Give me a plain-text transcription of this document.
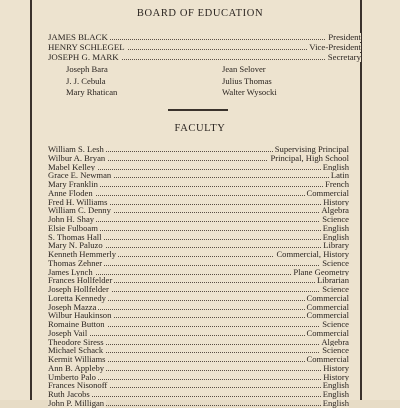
BOARD OF EDUCATION
JAMES BLACK	President
HENRY SCHLEGEL	Vice-President
JOSEPH G. MARK	Secretary
Joseph Bara
J. J. Cebula
Mary Rhatican
Jean Selover
Julius Thomas
Walter Wysocki
FACULTY
William S. Lesh	Supervising Principal
Wilbur A. Bryan	Principal, High School
Mabel Kelley	English
Grace E. Newman	Latin
Mary Franklin	French
Anne Floden	Commercial
Fred H. Williams	History
William C. Denny	Algebra
John H. Shay	Science
Elsie Fulboam	English
S. Thomas Hall	English
Mary N. Paluzo	Library
Kenneth Hemmerly	Commercial, History
Thomas Zehner	Science
James Lynch	Plane Geometry
Frances Hollfelder	Librarian
Joseph Hollfelder	Science
Loretta Kennedy	Commercial
Joseph Mazza	Commercial
Wilbur Haukinson	Commercial
Romaine Button	Science
Joseph Vail	Commercial
Theodore Siress	Algebra
Michael Schack	Science
Kermit Williams	Commercial
Ann B. Appleby	History
Umberto Palo	History
Frances Nisonoff	English
Ruth Jacobs	English
John P. Milligan	English
